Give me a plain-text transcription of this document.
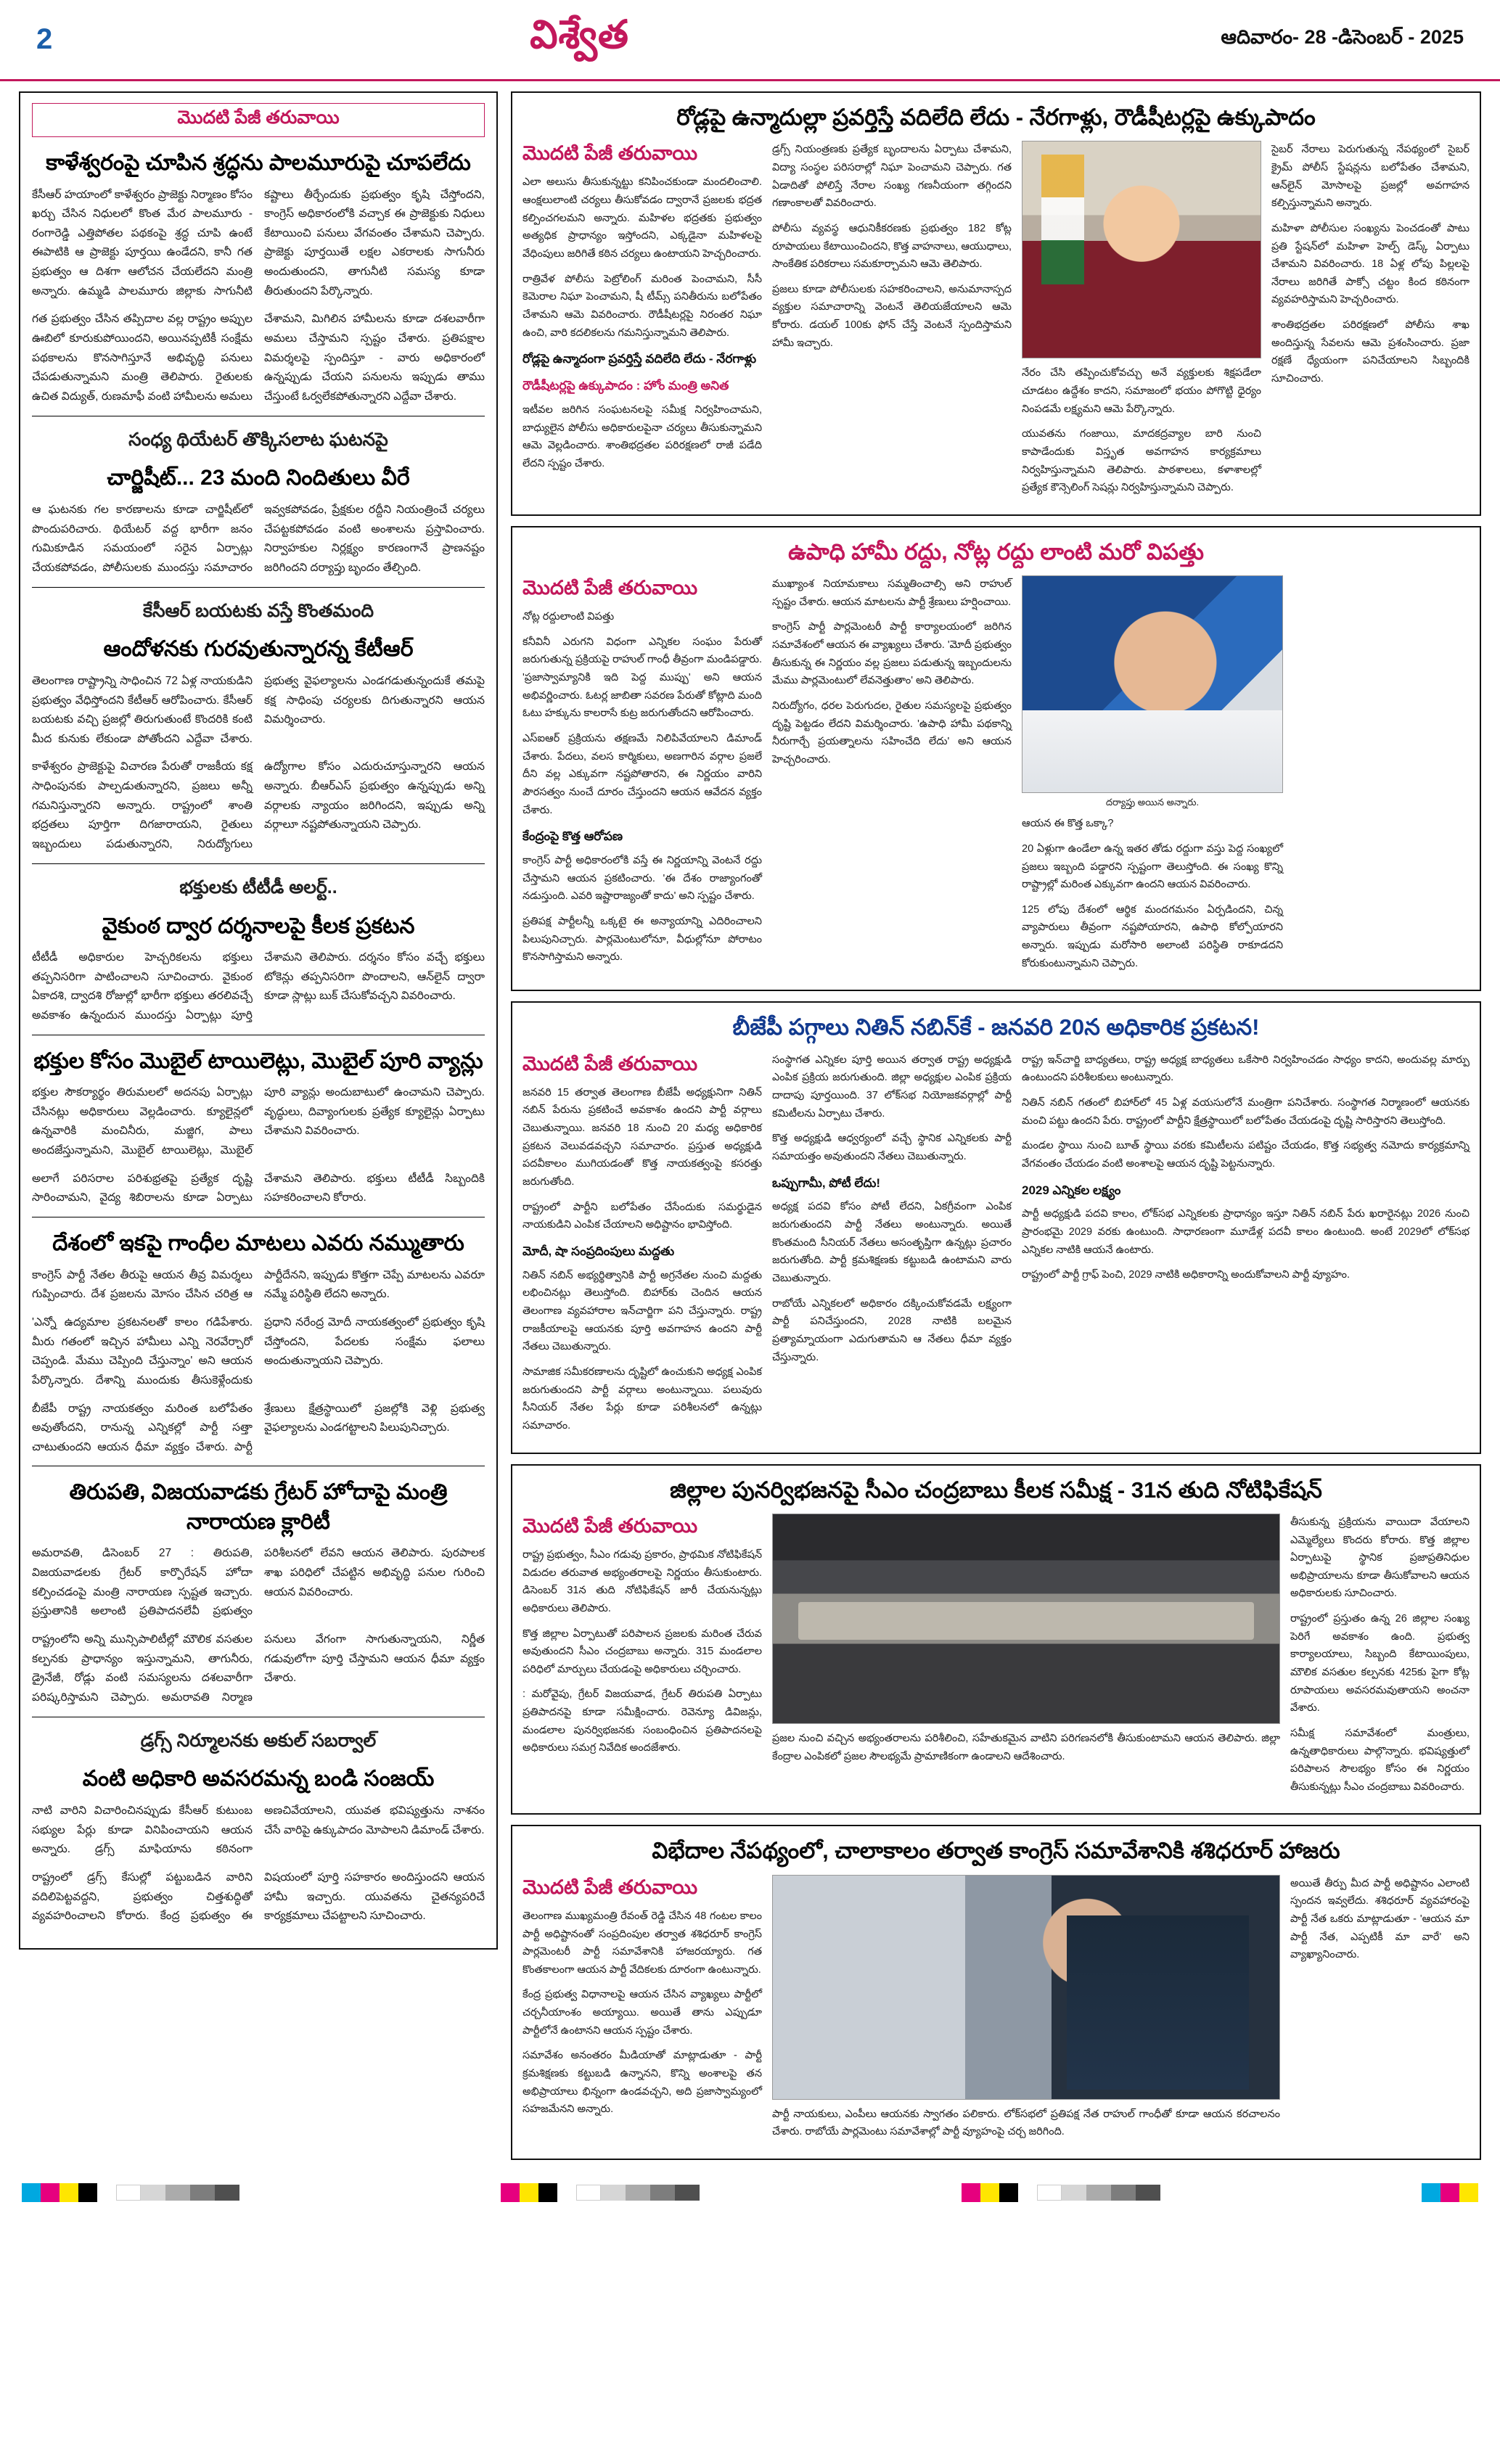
2	విశ్వేత	ఆదివారం- 28 -డిసెంబర్ - 2025
మొదటి పేజీ తరువాయి
కాళేశ్వరంపై చూపిన శ్రద్ధను పాలమూరుపై చూపలేదు

కేసీఆర్ హయాంలో కాళేశ్వరం ప్రాజెక్టు నిర్మాణం కోసం ఖర్చు చేసిన నిధులలో కొంత మేర పాలమూరు - రంగారెడ్డి ఎత్తిపోతల పథకంపై శ్రద్ధ చూపి ఉంటే ఈపాటికి ఆ ప్రాజెక్టు పూర్తయి ఉండేదని, కానీ గత ప్రభుత్వం ఆ దిశగా ఆలోచన చేయలేదని మంత్రి అన్నారు. ఉమ్మడి పాలమూరు జిల్లాకు సాగునీటి కష్టాలు తీర్చేందుకు ప్రభుత్వం కృషి చేస్తోందని, కాంగ్రెస్ అధికారంలోకి వచ్చాక ఈ ప్రాజెక్టుకు నిధులు కేటాయించి పనులు వేగవంతం చేశామని చెప్పారు. ప్రాజెక్టు పూర్తయితే లక్షల ఎకరాలకు సాగునీరు అందుతుందని, తాగునీటి సమస్య కూడా తీరుతుందని పేర్కొన్నారు.

గత ప్రభుత్వం చేసిన తప్పిదాల వల్ల రాష్ట్రం అప్పుల ఊబిలో కూరుకుపోయిందని, అయినప్పటికీ సంక్షేమ పథకాలను కొనసాగిస్తూనే అభివృద్ధి పనులు చేపడుతున్నామని మంత్రి తెలిపారు. రైతులకు ఉచిత విద్యుత్, రుణమాఫీ వంటి హామీలను అమలు చేశామని, మిగిలిన హామీలను కూడా దశలవారీగా అమలు చేస్తామని స్పష్టం చేశారు. ప్రతిపక్షాల విమర్శలపై స్పందిస్తూ - వారు అధికారంలో ఉన్నప్పుడు చేయని పనులను ఇప్పుడు తాము చేస్తుంటే ఓర్వలేకపోతున్నారని ఎద్దేవా చేశారు.

సంధ్య థియేటర్ తొక్కిసలాట ఘటనపై
చార్జిషీట్... 23 మంది నిందితులు వీరే

ఆ ఘటనకు గల కారణాలను కూడా చార్జిషీట్‌లో పొందుపరిచారు. థియేటర్ వద్ద భారీగా జనం గుమికూడిన సమయంలో సరైన ఏర్పాట్లు చేయకపోవడం, పోలీసులకు ముందస్తు సమాచారం ఇవ్వకపోవడం, ప్రేక్షకుల రద్దీని నియంత్రించే చర్యలు చేపట్టకపోవడం వంటి అంశాలను ప్రస్తావించారు. నిర్వాహకుల నిర్లక్ష్యం కారణంగానే ప్రాణనష్టం జరిగిందని దర్యాప్తు బృందం తేల్చింది.

కేసీఆర్ బయటకు వస్తే కొంతమంది
ఆందోళనకు గురవుతున్నారన్న కేటీఆర్

తెలంగాణ రాష్ట్రాన్ని సాధించిన 72 ఏళ్ల నాయకుడిని ప్రభుత్వం వేధిస్తోందని కేటీఆర్ ఆరోపించారు. కేసీఆర్ బయటకు వచ్చి ప్రజల్లో తిరుగుతుంటే కొందరికి కంటి మీద కునుకు లేకుండా పోతోందని ఎద్దేవా చేశారు. ప్రభుత్వ వైఫల్యాలను ఎండగడుతున్నందుకే తమపై కక్ష సాధింపు చర్యలకు దిగుతున్నారని ఆయన విమర్శించారు.

కాళేశ్వరం ప్రాజెక్టుపై విచారణ పేరుతో రాజకీయ కక్ష సాధింపునకు పాల్పడుతున్నారని, ప్రజలు అన్నీ గమనిస్తున్నారని అన్నారు. రాష్ట్రంలో శాంతి భద్రతలు పూర్తిగా దిగజారాయని, రైతులు ఇబ్బందులు పడుతున్నారని, నిరుద్యోగులు ఉద్యోగాల కోసం ఎదురుచూస్తున్నారని ఆయన అన్నారు. బీఆర్ఎస్ ప్రభుత్వం ఉన్నప్పుడు అన్ని వర్గాలకు న్యాయం జరిగిందని, ఇప్పుడు అన్ని వర్గాలూ నష్టపోతున్నాయని చెప్పారు.

భక్తులకు టీటీడీ అలర్ట్..
వైకుంఠ ద్వార దర్శనాలపై కీలక ప్రకటన

టీటీడీ అధికారుల హెచ్చరికలను భక్తులు తప్పనిసరిగా పాటించాలని సూచించారు. వైకుంఠ ఏకాదశి, ద్వాదశి రోజుల్లో భారీగా భక్తులు తరలివచ్చే అవకాశం ఉన్నందున ముందస్తు ఏర్పాట్లు పూర్తి చేశామని తెలిపారు. దర్శనం కోసం వచ్చే భక్తులు టోకెన్లు తప్పనిసరిగా పొందాలని, ఆన్‌లైన్ ద్వారా కూడా స్లాట్లు బుక్ చేసుకోవచ్చని వివరించారు.

భక్తుల కోసం మొబైల్ టాయిలెట్లు, మొబైల్ పూరి వ్యాన్లు

భక్తుల సౌకర్యార్థం తిరుమలలో అదనపు ఏర్పాట్లు చేసినట్లు అధికారులు వెల్లడించారు. క్యూలైన్లలో ఉన్నవారికి మంచినీరు, మజ్జిగ, పాలు అందజేస్తున్నామని, మొబైల్ టాయిలెట్లు, మొబైల్ పూరి వ్యాన్లు అందుబాటులో ఉంచామని చెప్పారు. వృద్ధులు, దివ్యాంగులకు ప్రత్యేక క్యూలైన్లు ఏర్పాటు చేశామని వివరించారు.

అలాగే పరిసరాల పరిశుభ్రతపై ప్రత్యేక దృష్టి సారించామని, వైద్య శిబిరాలను కూడా ఏర్పాటు చేశామని తెలిపారు. భక్తులు టీటీడీ సిబ్బందికి సహకరించాలని కోరారు.

దేశంలో ఇకపై గాంధీల మాటలు ఎవరు నమ్ముతారు

కాంగ్రెస్ పార్టీ నేతల తీరుపై ఆయన తీవ్ర విమర్శలు గుప్పించారు. దేశ ప్రజలను మోసం చేసిన చరిత్ర ఆ పార్టీదేనని, ఇప్పుడు కొత్తగా చెప్పే మాటలను ఎవరూ నమ్మే పరిస్థితి లేదని అన్నారు.

'ఎన్నో ఉద్యమాల ప్రకటనలతో కాలం గడిపేశారు. మీరు గతంలో ఇచ్చిన హామీలు ఎన్ని నెరవేర్చారో చెప్పండి. మేము చెప్పింది చేస్తున్నాం' అని ఆయన పేర్కొన్నారు. దేశాన్ని ముందుకు తీసుకెళ్లేందుకు ప్రధాని నరేంద్ర మోదీ నాయకత్వంలో ప్రభుత్వం కృషి చేస్తోందని, పేదలకు సంక్షేమ ఫలాలు అందుతున్నాయని చెప్పారు.

బీజేపీ రాష్ట్ర నాయకత్వం మరింత బలోపేతం అవుతోందని, రానున్న ఎన్నికల్లో పార్టీ సత్తా చాటుతుందని ఆయన ధీమా వ్యక్తం చేశారు. పార్టీ శ్రేణులు క్షేత్రస్థాయిలో ప్రజల్లోకి వెళ్లి ప్రభుత్వ వైఫల్యాలను ఎండగట్టాలని పిలుపునిచ్చారు.

తిరుపతి, విజయవాడకు గ్రేటర్ హోదాపై మంత్రి నారాయణ క్లారిటీ

అమరావతి, డిసెంబర్ 27 : తిరుపతి, విజయవాడలకు గ్రేటర్ కార్పొరేషన్ హోదా కల్పించడంపై మంత్రి నారాయణ స్పష్టత ఇచ్చారు. ప్రస్తుతానికి అలాంటి ప్రతిపాదనలేవీ ప్రభుత్వం పరిశీలనలో లేవని ఆయన తెలిపారు. పురపాలక శాఖ పరిధిలో చేపట్టిన అభివృద్ధి పనుల గురించి ఆయన వివరించారు.

రాష్ట్రంలోని అన్ని మున్సిపాలిటీల్లో మౌలిక వసతుల కల్పనకు ప్రాధాన్యం ఇస్తున్నామని, తాగునీరు, డ్రైనేజీ, రోడ్లు వంటి సమస్యలను దశలవారీగా పరిష్కరిస్తామని చెప్పారు. అమరావతి నిర్మాణ పనులు వేగంగా సాగుతున్నాయని, నిర్ణీత గడువులోగా పూర్తి చేస్తామని ఆయన ధీమా వ్యక్తం చేశారు.

డ్రగ్స్ నిర్మూలనకు అకుల్ సబర్వాల్
వంటి అధికారి అవసరమన్న బండి సంజయ్

నాటి వారిని విచారించినప్పుడు కేసీఆర్ కుటుంబ సభ్యుల పేర్లు కూడా వినిపించాయని ఆయన అన్నారు. డ్రగ్స్ మాఫియాను కఠినంగా అణచివేయాలని, యువత భవిష్యత్తును నాశనం చేసే వారిపై ఉక్కుపాదం మోపాలని డిమాండ్ చేశారు.

రాష్ట్రంలో డ్రగ్స్ కేసుల్లో పట్టుబడిన వారిని వదిలిపెట్టవద్దని, ప్రభుత్వం చిత్తశుద్ధితో వ్యవహరించాలని కోరారు. కేంద్ర ప్రభుత్వం ఈ విషయంలో పూర్తి సహకారం అందిస్తుందని ఆయన హామీ ఇచ్చారు. యువతను చైతన్యపరిచే కార్యక్రమాలు చేపట్టాలని సూచించారు.

రోడ్లపై ఉన్మాదుల్లా ప్రవర్తిస్తే వదిలేది లేదు - నేరగాళ్లు, రౌడీషీటర్లపై ఉక్కుపాదం
మొదటి పేజీ తరువాయి

ఎలా అలుసు తీసుకున్నట్టు కనిపించకుండా మందలించాలి. ఆంక్షలులాంటి చర్యలు తీసుకోవడం ద్వారానే ప్రజలకు భద్రత కల్పించగలమని అన్నారు. మహిళల భద్రతకు ప్రభుత్వం అత్యధిక ప్రాధాన్యం ఇస్తోందని, ఎక్కడైనా మహిళలపై వేధింపులు జరిగితే కఠిన చర్యలు ఉంటాయని హెచ్చరించారు.

రాత్రివేళ పోలీసు పెట్రోలింగ్ మరింత పెంచామని, సీసీ కెమెరాల నిఘా పెంచామని, షీ టీమ్స్ పనితీరును బలోపేతం చేశామని ఆమె వివరించారు. రౌడీషీటర్లపై నిరంతర నిఘా ఉంచి, వారి కదలికలను గమనిస్తున్నామని తెలిపారు.

రోడ్లపై ఉన్మాదంగా ప్రవర్తిస్తే వదిలేది లేదు - నేరగాళ్లు
రౌడీషీటర్లపై ఉక్కుపాదం : హోం మంత్రి అనిత

ఇటీవల జరిగిన సంఘటనలపై సమీక్ష నిర్వహించామని, బాధ్యులైన పోలీసు అధికారులపైనా చర్యలు తీసుకున్నామని ఆమె వెల్లడించారు. శాంతిభద్రతల పరిరక్షణలో రాజీ పడేది లేదని స్పష్టం చేశారు.

డ్రగ్స్ నియంత్రణకు ప్రత్యేక బృందాలను ఏర్పాటు చేశామని, విద్యా సంస్థల పరిసరాల్లో నిఘా పెంచామని చెప్పారు. గత ఏడాదితో పోలిస్తే నేరాల సంఖ్య గణనీయంగా తగ్గిందని గణాంకాలతో వివరించారు.

పోలీసు వ్యవస్థ ఆధునికీకరణకు ప్రభుత్వం 182 కోట్ల రూపాయలు కేటాయించిందని, కొత్త వాహనాలు, ఆయుధాలు, సాంకేతిక పరికరాలు సమకూర్చామని ఆమె తెలిపారు.

ప్రజలు కూడా పోలీసులకు సహకరించాలని, అనుమానాస్పద వ్యక్తుల సమాచారాన్ని వెంటనే తెలియజేయాలని ఆమె కోరారు. డయల్ 100కు ఫోన్ చేస్తే వెంటనే స్పందిస్తామని హామీ ఇచ్చారు.

నేరం చేసి తప్పించుకోవచ్చు అనే వ్యక్తులకు శిక్షపడేలా చూడటం ఉద్దేశం కాదని, సమాజంలో భయం పోగొట్టి ధైర్యం నింపడమే లక్ష్యమని ఆమె పేర్కొన్నారు.

యువతను గంజాయి, మాదకద్రవ్యాల బారి నుంచి కాపాడేందుకు విస్తృత అవగాహన కార్యక్రమాలు నిర్వహిస్తున్నామని తెలిపారు. పాఠశాలలు, కళాశాలల్లో ప్రత్యేక కౌన్సెలింగ్ సెషన్లు నిర్వహిస్తున్నామని చెప్పారు.

సైబర్ నేరాలు పెరుగుతున్న నేపథ్యంలో సైబర్ క్రైమ్ పోలీస్ స్టేషన్లను బలోపేతం చేశామని, ఆన్‌లైన్ మోసాలపై ప్రజల్లో అవగాహన కల్పిస్తున్నామని అన్నారు.

మహిళా పోలీసుల సంఖ్యను పెంచడంతో పాటు ప్రతి స్టేషన్‌లో మహిళా హెల్ప్ డెస్క్ ఏర్పాటు చేశామని వివరించారు. 18 ఏళ్ల లోపు పిల్లలపై నేరాలు జరిగితే పాక్సో చట్టం కింద కఠినంగా వ్యవహరిస్తామని హెచ్చరించారు.

శాంతిభద్రతల పరిరక్షణలో పోలీసు శాఖ అందిస్తున్న సేవలను ఆమె ప్రశంసించారు. ప్రజా రక్షణే ధ్యేయంగా పనిచేయాలని సిబ్బందికి సూచించారు.

ఉపాధి హామీ రద్దు, నోట్ల రద్దు లాంటి మరో విపత్తు
మొదటి పేజీ తరువాయి

నోట్ల రద్దులాంటి విపత్తు

కనీవినీ ఎరుగని విధంగా ఎన్నికల సంఘం పేరుతో జరుగుతున్న ప్రక్రియపై రాహుల్ గాంధీ తీవ్రంగా మండిపడ్డారు. 'ప్రజాస్వామ్యానికి ఇది పెద్ద ముప్పు' అని ఆయన అభివర్ణించారు. ఓటర్ల జాబితా సవరణ పేరుతో కోట్లాది మంది ఓటు హక్కును కాలరాసే కుట్ర జరుగుతోందని ఆరోపించారు.

ఎస్ఐఆర్ ప్రక్రియను తక్షణమే నిలిపివేయాలని డిమాండ్ చేశారు. పేదలు, వలస కార్మికులు, అణగారిన వర్గాల ప్రజలే దీని వల్ల ఎక్కువగా నష్టపోతారని, ఈ నిర్ణయం వారిని పౌరసత్వం నుంచే దూరం చేస్తుందని ఆయన ఆవేదన వ్యక్తం చేశారు.

కేంద్రంపై కొత్త ఆరోపణ

కాంగ్రెస్ పార్టీ అధికారంలోకి వస్తే ఈ నిర్ణయాన్ని వెంటనే రద్దు చేస్తామని ఆయన ప్రకటించారు. 'ఈ దేశం రాజ్యాంగంతో నడుస్తుంది. ఎవరి ఇష్టారాజ్యంతో కాదు' అని స్పష్టం చేశారు.

ప్రతిపక్ష పార్టీలన్నీ ఒక్కటై ఈ అన్యాయాన్ని ఎదిరించాలని పిలుపునిచ్చారు. పార్లమెంటులోనూ, వీధుల్లోనూ పోరాటం కొనసాగిస్తామని అన్నారు.

ముఖ్యాంశ నియామకాలు సమ్మతించాల్సి అని రాహుల్ స్పష్టం చేశారు. ఆయన మాటలను పార్టీ శ్రేణులు హర్షించాయి.

కాంగ్రెస్ పార్టీ పార్లమెంటరీ పార్టీ కార్యాలయంలో జరిగిన సమావేశంలో ఆయన ఈ వ్యాఖ్యలు చేశారు. 'మోదీ ప్రభుత్వం తీసుకున్న ఈ నిర్ణయం వల్ల ప్రజలు పడుతున్న ఇబ్బందులను మేము పార్లమెంటులో లేవనెత్తుతాం' అని తెలిపారు.

నిరుద్యోగం, ధరల పెరుగుదల, రైతుల సమస్యలపై ప్రభుత్వం దృష్టి పెట్టడం లేదని విమర్శించారు. 'ఉపాధి హామీ పథకాన్ని నీరుగార్చే ప్రయత్నాలను సహించేది లేదు' అని ఆయన హెచ్చరించారు.

దర్యాప్తు అయిన అన్నారు.

ఆయన ఈ కొత్త ఒక్కా?

20 ఏళ్లుగా ఉండేలా ఉన్న ఇతర తోడు రద్దుగా వస్తు పెద్ద సంఖ్యలో ప్రజలు ఇబ్బంది పడ్డారని స్పష్టంగా తెలుస్తోంది. ఈ సంఖ్య కొన్ని రాష్ట్రాల్లో మరింత ఎక్కువగా ఉందని ఆయన వివరించారు.

125 లోపు దేశంలో ఆర్థిక మందగమనం ఏర్పడిందని, చిన్న వ్యాపారులు తీవ్రంగా నష్టపోయారని, ఉపాధి కోల్పోయారని అన్నారు. ఇప్పుడు మరోసారి అలాంటి పరిస్థితి రాకూడదని కోరుకుంటున్నామని చెప్పారు.

బీజేపీ పగ్గాలు నితిన్ నబిన్‌కే - జనవరి 20న అధికారిక ప్రకటన!
మొదటి పేజీ తరువాయి

జనవరి 15 తర్వాత తెలంగాణ బీజేపీ అధ్యక్షునిగా నితిన్ నబిన్ పేరును ప్రకటించే అవకాశం ఉందని పార్టీ వర్గాలు చెబుతున్నాయి. జనవరి 18 నుంచి 20 మధ్య అధికారిక ప్రకటన వెలువడవచ్చని సమాచారం. ప్రస్తుత అధ్యక్షుడి పదవీకాలం ముగియడంతో కొత్త నాయకత్వంపై కసరత్తు జరుగుతోంది.

రాష్ట్రంలో పార్టీని బలోపేతం చేసేందుకు సమర్థుడైన నాయకుడిని ఎంపిక చేయాలని అధిష్టానం భావిస్తోంది.

మోదీ, షా సంప్రదింపులు మద్దతు

నితిన్ నబిన్ అభ్యర్థిత్వానికి పార్టీ అగ్రనేతల నుంచి మద్దతు లభించినట్లు తెలుస్తోంది. బిహార్‌కు చెందిన ఆయన తెలంగాణ వ్యవహారాల ఇన్‌చార్జిగా పని చేస్తున్నారు. రాష్ట్ర రాజకీయాలపై ఆయనకు పూర్తి అవగాహన ఉందని పార్టీ నేతలు చెబుతున్నారు.

సామాజిక సమీకరణాలను దృష్టిలో ఉంచుకుని అధ్యక్ష ఎంపిక జరుగుతుందని పార్టీ వర్గాలు అంటున్నాయి. పలువురు సీనియర్ నేతల పేర్లు కూడా పరిశీలనలో ఉన్నట్లు సమాచారం.

సంస్థాగత ఎన్నికల పూర్తి అయిన తర్వాత రాష్ట్ర అధ్యక్షుడి ఎంపిక ప్రక్రియ జరుగుతుంది. జిల్లా అధ్యక్షుల ఎంపిక ప్రక్రియ దాదాపు పూర్తయింది. 37 లోక్‌సభ నియోజకవర్గాల్లో పార్టీ కమిటీలను ఏర్పాటు చేశారు.

కొత్త అధ్యక్షుడి ఆధ్వర్యంలో వచ్చే స్థానిక ఎన్నికలకు పార్టీ సమాయత్తం అవుతుందని నేతలు చెబుతున్నారు.

ఒప్పుగామీ, పోటీ లేదు!

అధ్యక్ష పదవి కోసం పోటీ లేదని, ఏకగ్రీవంగా ఎంపిక జరుగుతుందని పార్టీ నేతలు అంటున్నారు. అయితే కొంతమంది సీనియర్ నేతలు అసంతృప్తిగా ఉన్నట్లు ప్రచారం జరుగుతోంది. పార్టీ క్రమశిక్షణకు కట్టుబడి ఉంటామని వారు చెబుతున్నారు.

రాబోయే ఎన్నికలలో అధికారం దక్కించుకోవడమే లక్ష్యంగా పార్టీ పనిచేస్తుందని, 2028 నాటికి బలమైన ప్రత్యామ్నాయంగా ఎదుగుతామని ఆ నేతలు ధీమా వ్యక్తం చేస్తున్నారు.

రాష్ట్ర ఇన్‌చార్జి బాధ్యతలు, రాష్ట్ర అధ్యక్ష బాధ్యతలు ఒకేసారి నిర్వహించడం సాధ్యం కాదని, అందువల్ల మార్పు ఉంటుందని పరిశీలకులు అంటున్నారు.

నితిన్ నబిన్ గతంలో బిహార్‌లో 45 ఏళ్ల వయసులోనే మంత్రిగా పనిచేశారు. సంస్థాగత నిర్మాణంలో ఆయనకు మంచి పట్టు ఉందని పేరు. రాష్ట్రంలో పార్టీని క్షేత్రస్థాయిలో బలోపేతం చేయడంపై దృష్టి సారిస్తారని తెలుస్తోంది.

మండల స్థాయి నుంచి బూత్ స్థాయి వరకు కమిటీలను పటిష్టం చేయడం, కొత్త సభ్యత్వ నమోదు కార్యక్రమాన్ని వేగవంతం చేయడం వంటి అంశాలపై ఆయన దృష్టి పెట్టనున్నారు.

2029 ఎన్నికల లక్ష్యం

పార్టీ అధ్యక్షుడి పదవి కాలం, లోక్‌సభ ఎన్నికలకు ప్రాధాన్యం ఇస్తూ నితిన్ నబిన్ పేరు ఖరారైనట్లు 2026 నుంచి ప్రారంభమై 2029 వరకు ఉంటుంది. సాధారణంగా మూడేళ్ల పదవీ కాలం ఉంటుంది. అంటే 2029లో లోక్‌సభ ఎన్నికల నాటికి ఆయనే ఉంటారు.

రాష్ట్రంలో పార్టీ గ్రాఫ్ పెంచి, 2029 నాటికి అధికారాన్ని అందుకోవాలని పార్టీ వ్యూహం.

జిల్లాల పునర్విభజనపై సీఎం చంద్రబాబు కీలక సమీక్ష - 31న తుది నోటిఫికేషన్
మొదటి పేజీ తరువాయి

రాష్ట్ర ప్రభుత్వం, సీఎం గడువు ప్రకారం, ప్రాథమిక నోటిఫికేషన్ విడుదల తరువాత అభ్యంతరాలపై నిర్ణయం తీసుకుంటారు. డిసెంబర్ 31న తుది నోటిఫికేషన్ జారీ చేయనున్నట్లు అధికారులు తెలిపారు.

కొత్త జిల్లాల ఏర్పాటుతో పరిపాలన ప్రజలకు మరింత చేరువ అవుతుందని సీఎం చంద్రబాబు అన్నారు. 315 మండలాల పరిధిలో మార్పులు చేయడంపై అధికారులు చర్చించారు.

: మరోవైపు, గ్రేటర్ విజయవాడ, గ్రేటర్ తిరుపతి ఏర్పాటు ప్రతిపాదనపై కూడా సమీక్షించారు. రెవెన్యూ డివిజన్లు, మండలాల పునర్విభజనకు సంబంధించిన ప్రతిపాదనలపై అధికారులు సమగ్ర నివేదిక అందజేశారు.

ప్రజల నుంచి వచ్చిన అభ్యంతరాలను పరిశీలించి, సహేతుకమైన వాటిని పరిగణనలోకి తీసుకుంటామని ఆయన తెలిపారు. జిల్లా కేంద్రాల ఎంపికలో ప్రజల సౌలభ్యమే ప్రామాణికంగా ఉండాలని ఆదేశించారు.

తీసుకున్న ప్రక్రియను వాయిదా వేయాలని ఎమ్మెల్యేలు కొందరు కోరారు. కొత్త జిల్లాల ఏర్పాటుపై స్థానిక ప్రజాప్రతినిధుల అభిప్రాయాలను కూడా తీసుకోవాలని ఆయన అధికారులకు సూచించారు.

రాష్ట్రంలో ప్రస్తుతం ఉన్న 26 జిల్లాల సంఖ్య పెరిగే అవకాశం ఉంది. ప్రభుత్వ కార్యాలయాలు, సిబ్బంది కేటాయింపులు, మౌలిక వసతుల కల్పనకు 425కు పైగా కోట్ల రూపాయలు అవసరమవుతాయని అంచనా వేశారు.

సమీక్ష సమావేశంలో మంత్రులు, ఉన్నతాధికారులు పాల్గొన్నారు. భవిష్యత్తులో పరిపాలన సౌలభ్యం కోసం ఈ నిర్ణయం తీసుకున్నట్లు సీఎం చంద్రబాబు వివరించారు.

విభేదాల నేపథ్యంలో, చాలాకాలం తర్వాత కాంగ్రెస్ సమావేశానికి శశిధరూర్ హాజరు
మొదటి పేజీ తరువాయి

తెలంగాణ ముఖ్యమంత్రి రేవంత్ రెడ్డి చేసిన 48 గంటల కాలం పార్టీ అధిష్టానంతో సంప్రదింపుల తర్వాత శశిధరూర్ కాంగ్రెస్ పార్లమెంటరీ పార్టీ సమావేశానికి హాజరయ్యారు. గత కొంతకాలంగా ఆయన పార్టీ వేదికలకు దూరంగా ఉంటున్నారు.

కేంద్ర ప్రభుత్వ విధానాలపై ఆయన చేసిన వ్యాఖ్యలు పార్టీలో చర్చనీయాంశం అయ్యాయి. అయితే తాను ఎప్పుడూ పార్టీలోనే ఉంటానని ఆయన స్పష్టం చేశారు.

సమావేశం అనంతరం మీడియాతో మాట్లాడుతూ - పార్టీ క్రమశిక్షణకు కట్టుబడి ఉన్నానని, కొన్ని అంశాలపై తన అభిప్రాయాలు భిన్నంగా ఉండవచ్చని, అది ప్రజాస్వామ్యంలో సహజమేనని అన్నారు.	పార్టీ నాయకులు, ఎంపీలు ఆయనకు స్వాగతం పలికారు. లోక్‌సభలో ప్రతిపక్ష నేత రాహుల్ గాంధీతో కూడా ఆయన కరచాలనం చేశారు. రాబోయే పార్లమెంటు సమావేశాల్లో పార్టీ వ్యూహంపై చర్చ జరిగింది.

అయితే తీర్పు మీద పార్టీ అధిష్టానం ఎలాంటి స్పందన ఇవ్వలేదు. శశిధరూర్ వ్యవహారంపై పార్టీ నేత ఒకరు మాట్లాడుతూ - 'ఆయన మా పార్టీ నేత, ఎప్పటికీ మా వారే' అని వ్యాఖ్యానించారు.
